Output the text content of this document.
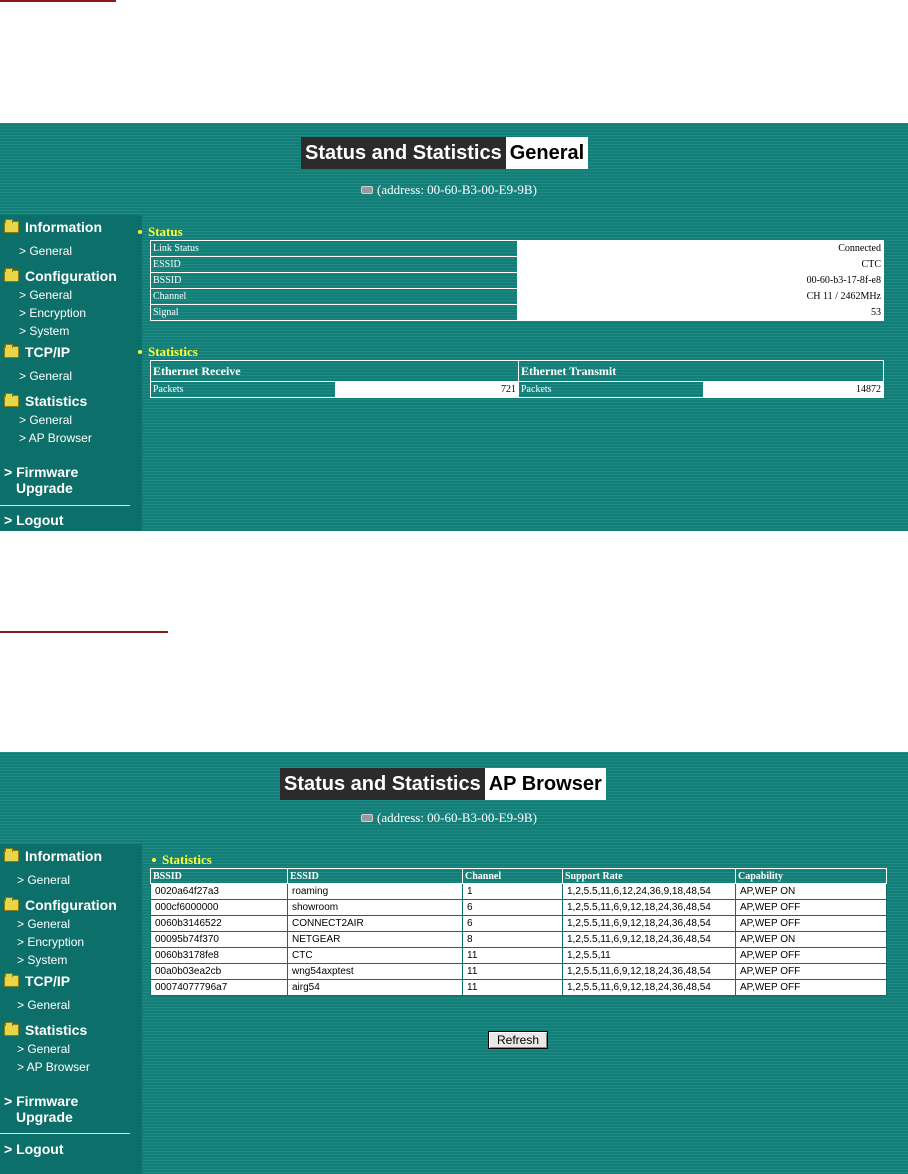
Status and Statistics General
(address: 00-60-B3-00-E9-9B)
Information
> General
Configuration
> General
> Encryption
> System
TCP/IP
> General
Statistics
> General
> AP Browser
> Firmware
Upgrade
> Logout
Status
Link Status	Connected
ESSID	CTC
BSSID	00-60-b3-17-8f-e8
Channel	CH 11 / 2462MHz
Signal	53
Statistics
Ethernet Receive		Ethernet Transmit	
Packets	721	Packets	14872
Status and Statistics AP Browser
(address: 00-60-B3-00-E9-9B)
Information
> General
Configuration
> General
> Encryption
> System
TCP/IP
> General
Statistics
> General
> AP Browser
> Firmware
Upgrade
> Logout
Statistics
BSSID	ESSID	Channel	Support Rate	Capability
0020a64f27a3	roaming	1	1,2,5.5,11,6,12,24,36,9,18,48,54	AP,WEP ON
000cf6000000	showroom	6	1,2,5.5,11,6,9,12,18,24,36,48,54	AP,WEP OFF
0060b3146522	CONNECT2AIR	6	1,2,5.5,11,6,9,12,18,24,36,48,54	AP,WEP OFF
00095b74f370	NETGEAR	8	1,2,5.5,11,6,9,12,18,24,36,48,54	AP,WEP ON
0060b3178fe8	CTC	11	1,2,5.5,11	AP,WEP OFF
00a0b03ea2cb	wng54axptest	11	1,2,5.5,11,6,9,12,18,24,36,48,54	AP,WEP OFF
00074077796a7	airg54	11	1,2,5.5,11,6,9,12,18,24,36,48,54	AP,WEP OFF
Refresh
